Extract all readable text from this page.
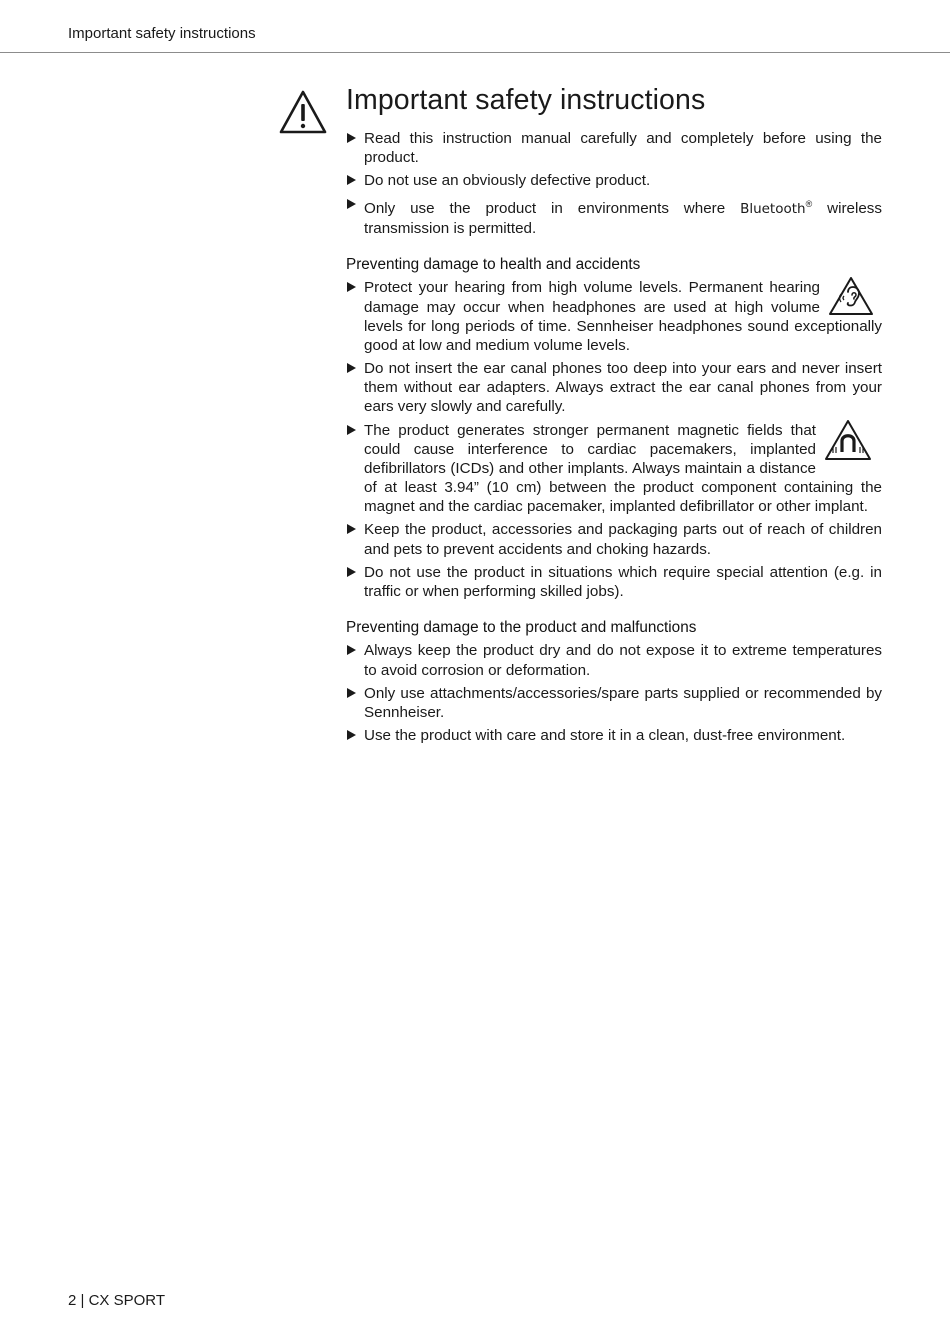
Important safety instructions
Important safety instructions
Read this instruction manual carefully and completely before using the product.
Do not use an obviously defective product.
Only use the product in environments where Bluetooth® wireless transmission is permitted.
Preventing damage to health and accidents
Protect your hearing from high volume levels. Permanent hearing damage may occur when headphones are used at high volume levels for long periods of time. Sennheiser headphones sound exceptionally good at low and medium volume levels.
Do not insert the ear canal phones too deep into your ears and never insert them without ear adapters. Always extract the ear canal phones from your ears very slowly and carefully.
The product generates stronger permanent magnetic fields that could cause interference to cardiac pacemakers, implanted defibrillators (ICDs) and other implants. Always maintain a distance of at least 3.94” (10 cm) between the product component containing the magnet and the cardiac pacemaker, implanted defibrillator or other implant.
Keep the product, accessories and packaging parts out of reach of children and pets to prevent accidents and choking hazards.
Do not use the product in situations which require special attention (e.g. in traffic or when performing skilled jobs).
Preventing damage to the product and malfunctions
Always keep the product dry and do not expose it to extreme temperatures to avoid corrosion or deformation.
Only use attachments/accessories/spare parts supplied or recommended by Sennheiser.
Use the product with care and store it in a clean, dust-free environment.
2 | CX SPORT
